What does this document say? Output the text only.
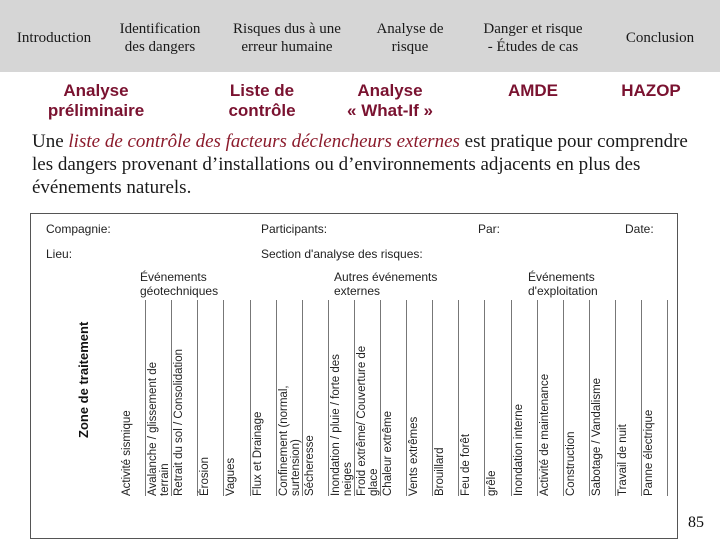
Introduction
Identification
des dangers
Risques dus à une
erreur humaine
Analyse de
risque
Danger et risque
- Études de cas
Conclusion
Analyse
préliminaire
Liste de
contrôle
Analyse
« What-If »
AMDE	HAZOP
Une liste de contrôle des facteurs déclencheurs externes est pratique pour comprendre les dangers provenant d’installations ou d’environnements adjacents en plus des événements naturels.
Compagnie:	Participants:	Par:	Date:
Lieu:	Section d'analyse des risques:
Zone de traitement
Événements
géotechniques
Autres événements
externes
Événements
d'exploitation
Activité sismique Avalanche / glissement de terrain Retrait du sol / Consolidation Érosion Vagues Flux et Drainage Confinement (normal, surtension) Sécheresse Inondation / pluie / forte des neiges Froid extrême/ Couverture de glace Chaleur extrême Vents extrêmes Brouillard Feu de forêt grêle Inondation interne Activité de maintenance Construction Sabotage / Vandalisme Travail de nuit Panne électrique
85
